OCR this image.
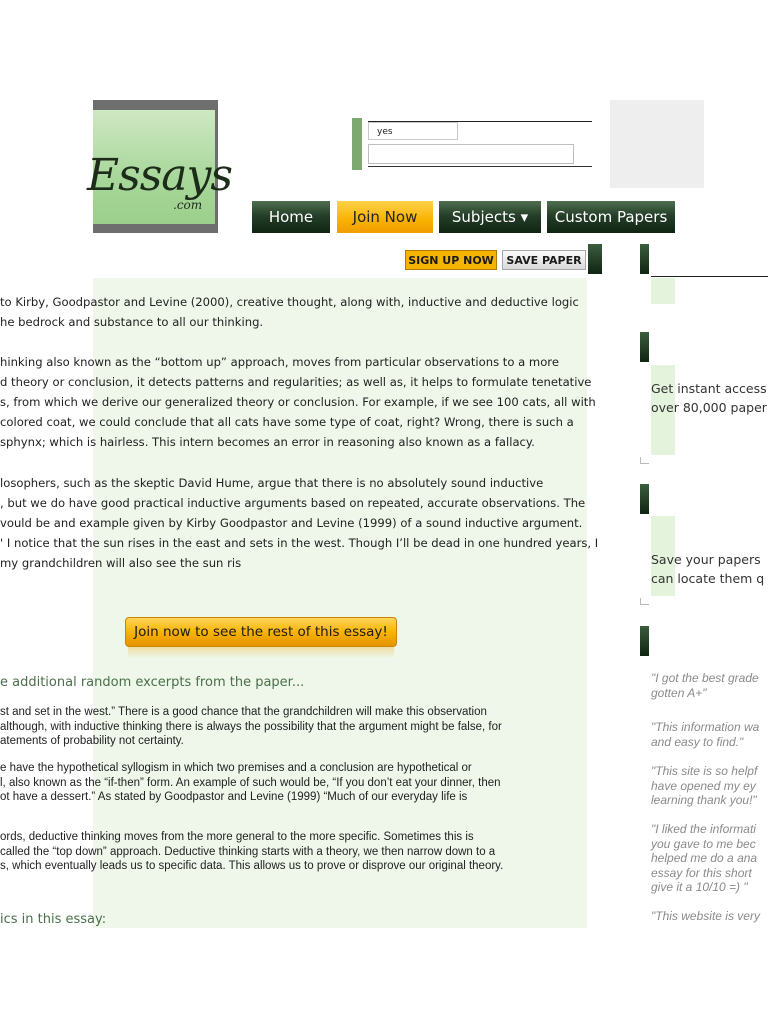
Essays
.com
yes
Home	Join Now	Subjects ▾	Custom Papers
SIGN UP NOW	SAVE PAPER
to Kirby, Goodpastor and Levine (2000), creative thought, along with, inductive and deductive logic
he bedrock and substance to all our thinking.
hinking also known as the “bottom up” approach, moves from particular observations to a more
d theory or conclusion, it detects patterns and regularities; as well as, it helps to formulate tenetative
s, from which we derive our generalized theory or conclusion. For example, if we see 100 cats, all with
colored coat, we could conclude that all cats have some type of coat, right? Wrong, there is such a
sphynx; which is hairless. This intern becomes an error in reasoning also known as a fallacy.
losophers, such as the skeptic David Hume, argue that there is no absolutely sound inductive
, but we do have good practical inductive arguments based on repeated, accurate observations. The
vould be and example given by Kirby Goodpastor and Levine (1999) of a sound inductive argument.
' I notice that the sun rises in the east and sets in the west. Though I’ll be dead in one hundred years, I
my grandchildren will also see the sun ris
Join now to see the rest of this essay!
e additional random excerpts from the paper...
st and set in the west.” There is a good chance that the grandchildren will make this observation
although, with inductive thinking there is always the possibility that the argument might be false, for
atements of probability not certainty.
e have the hypothetical syllogism in which two premises and a conclusion are hypothetical or
l, also known as the “if-then” form. An example of such would be, “If you don’t eat your dinner, then
ot have a dessert.” As stated by Goodpastor and Levine (1999) “Much of our everyday life is
ords, deductive thinking moves from the more general to the more specific. Sometimes this is
called the “top down” approach. Deductive thinking starts with a theory, we then narrow down to a
s, which eventually leads us to specific data. This allows us to prove or disprove our original theory.
ics in this essay:
Get instant access
over 80,000 paper
Save your papers
can locate them q
"I got the best grade
gotten A+"
"This information wa
and easy to find."
"This site is so helpf
have opened my ey
learning thank you!"
"I liked the informati
you gave to me bec
helped me do a ana
essay for this short
give it a 10/10 =) "
"This website is very
